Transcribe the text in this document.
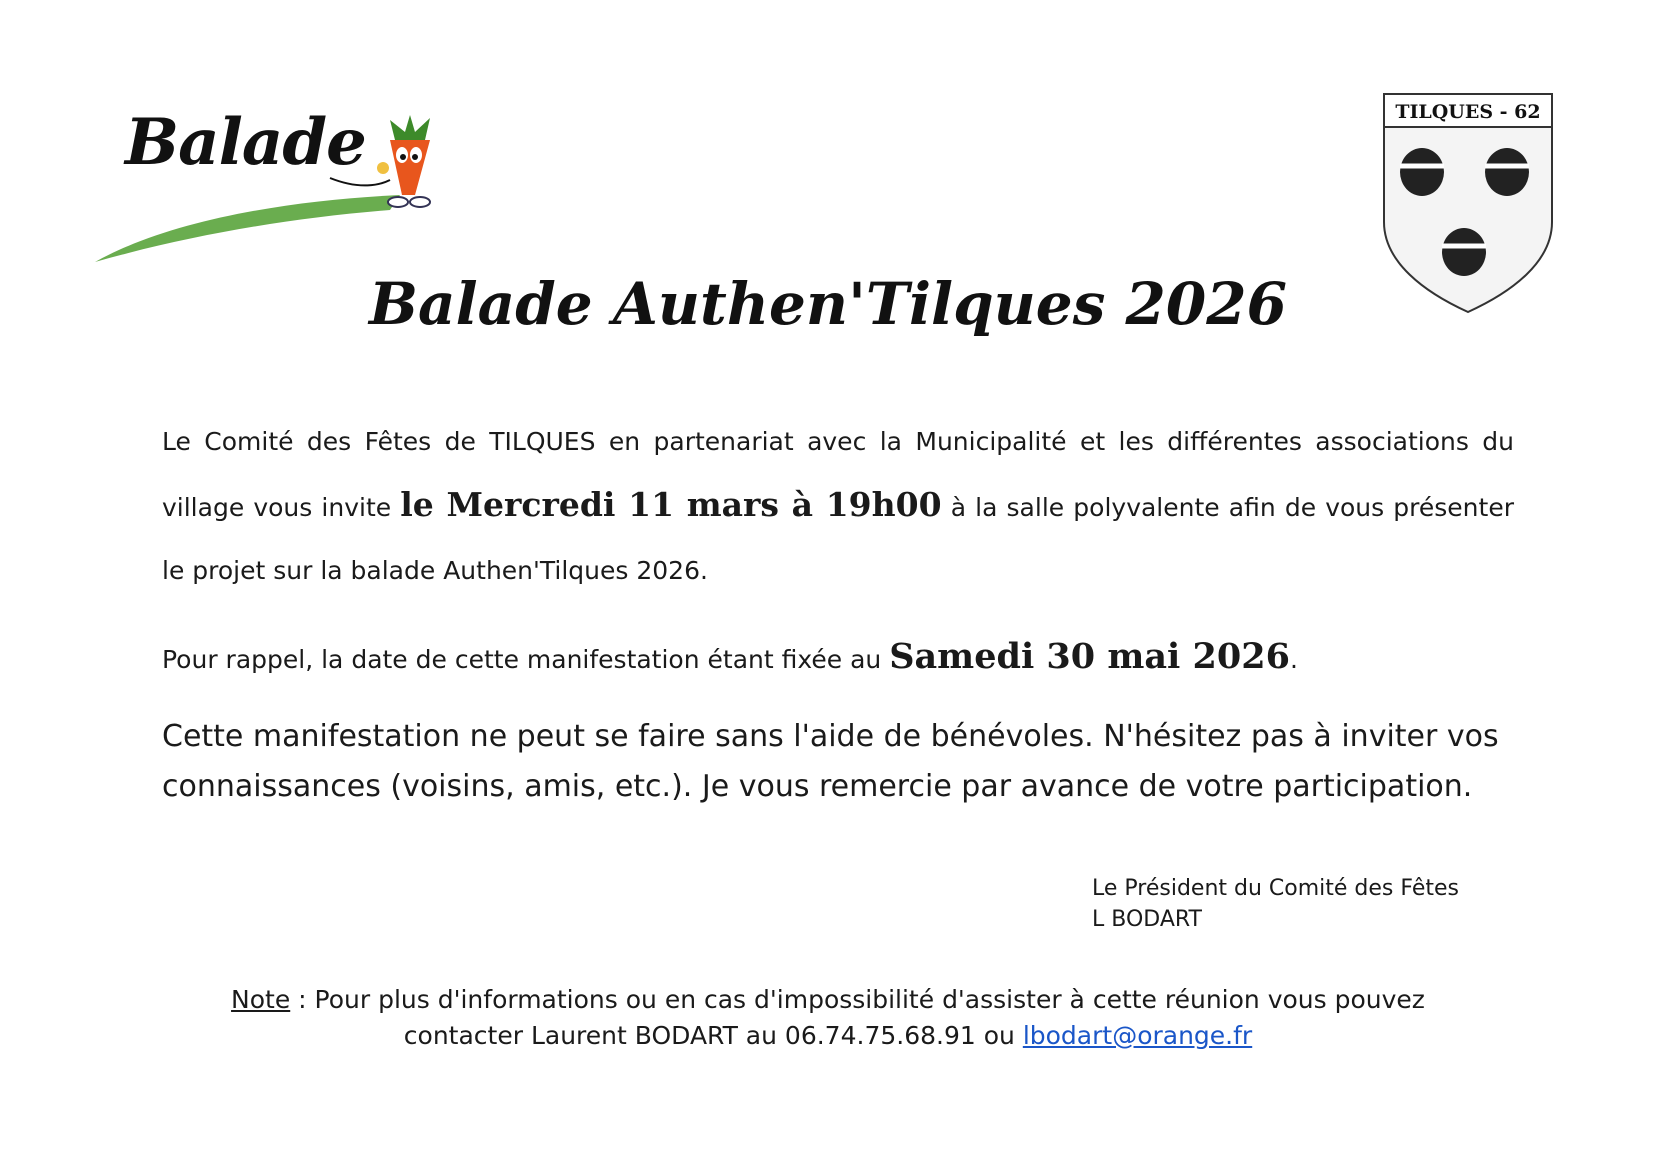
Balade	TILQUES - 62
Balade Authen'Tilques 2026
Le Comité des Fêtes de TILQUES en partenariat avec la Municipalité et les différentes associations du village vous invite le Mercredi 11 mars à 19h00 à la salle polyvalente afin de vous présenter le projet sur la balade Authen'Tilques 2026.
Pour rappel, la date de cette manifestation étant fixée au Samedi 30 mai 2026.
Cette manifestation ne peut se faire sans l'aide de bénévoles. N'hésitez pas à inviter vos connaissances (voisins, amis, etc.). Je vous remercie par avance de votre participation.
Le Président du Comité des Fêtes
L BODART
Note : Pour plus d'informations ou en cas d'impossibilité d'assister à cette réunion vous pouvez
contacter Laurent BODART au 06.74.75.68.91 ou lbodart@orange.fr
